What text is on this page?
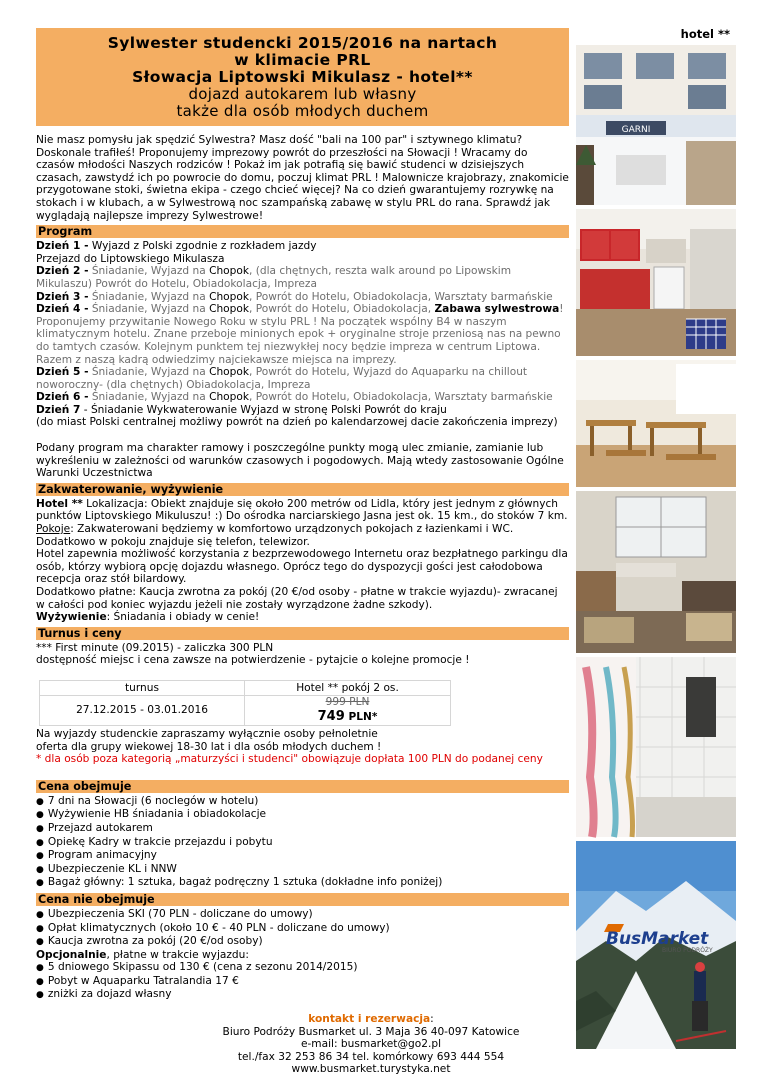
Sylwester studencki 2015/2016 na nartach
w klimacie PRL
Słowacja Liptowski Mikulasz - hotel**
dojazd autokarem lub własny
także dla osób młodych duchem
Nie masz pomysłu jak spędzić Sylwestra? Masz dość "bali na 100 par" i sztywnego klimatu? Doskonale trafiłeś! Proponujemy imprezowy powrót do przeszłości na Słowacji ! Wracamy do czasów młodości Naszych rodziców ! Pokaż im jak potrafią się bawić studenci w dzisiejszych czasach, zawstydź ich po powrocie do domu, poczuj klimat PRL ! Malownicze krajobrazy, znakomicie przygotowane stoki, świetna ekipa - czego chcieć więcej? Na co dzień gwarantujemy rozrywkę na stokach i w klubach, a w Sylwestrową noc szampańską zabawę w stylu PRL do rana. Sprawdź jak wyglądają najlepsze imprezy Sylwestrowe!
Program
Dzień 1 - Wyjazd z Polski zgodnie z rozkładem jazdy
Przejazd do Liptowskiego Mikulasza
Dzień 2 - Śniadanie, Wyjazd na Chopok, (dla chętnych, reszta walk around po Lipowskim Mikulaszu) Powrót do Hotelu, Obiadokolacja, Impreza
Dzień 3 - Śniadanie, Wyjazd na Chopok, Powrót do Hotelu, Obiadokolacja, Warsztaty barmańskie
Dzień 4 - Śniadanie, Wyjazd na Chopok, Powrót do Hotelu, Obiadokolacja, Zabawa sylwestrowa! Proponujemy przywitanie Nowego Roku w stylu PRL ! Na początek wspólny B4 w naszym klimatycznym hotelu. Znane przeboje minionych epok + oryginalne stroje przeniosą nas na pewno do tamtych czasów. Kolejnym punktem tej niezwykłej nocy będzie impreza w centrum Liptowa. Razem z naszą kadrą odwiedzimy najciekawsze miejsca na imprezy.
Dzień 5 - Śniadanie, Wyjazd na Chopok, Powrót do Hotelu, Wyjazd do Aquaparku na chillout noworoczny- (dla chętnych) Obiadokolacja, Impreza
Dzień 6 - Śniadanie, Wyjazd na Chopok, Powrót do Hotelu, Obiadokolacja, Warsztaty barmańskie
Dzień 7 - Śniadanie Wykwaterowanie Wyjazd w stronę Polski Powrót do kraju
(do miast Polski centralnej możliwy powrót na dzień po kalendarzowej dacie zakończenia imprezy)
Podany program ma charakter ramowy i poszczególne punkty mogą ulec zmianie, zamianie lub wykreśleniu w zależności od warunków czasowych i pogodowych. Mają wtedy zastosowanie Ogólne Warunki Uczestnictwa
Zakwaterowanie, wyżywienie
Hotel ** Lokalizacja: Obiekt znajduje się około 200 metrów od Lidla, który jest jednym z głównych punktów Liptovskiego Mikuluszu! :) Do ośrodka narciarskiego Jasna jest ok. 15 km., do stoków 7 km.
Pokoje: Zakwaterowani będziemy w komfortowo urządzonych pokojach z łazienkami i WC.
Dodatkowo w pokoju znajduje się telefon, telewizor.
Hotel zapewnia możliwość korzystania z bezprzewodowego Internetu oraz bezpłatnego parkingu dla osób, którzy wybiorą opcję dojazdu własnego. Oprócz tego do dyspozycji gości jest całodobowa recepcja oraz stół bilardowy.
Dodatkowo płatne: Kaucja zwrotna za pokój (20 €/od osoby - płatne w trakcie wyjazdu)- zwracanej w całości pod koniec wyjazdu jeżeli nie zostały wyrządzone żadne szkody).
Wyżywienie: Śniadania i obiady w cenie!
Turnus i ceny
*** First minute (09.2015) - zaliczka 300 PLN
dostępność miejsc i cena zawsze na potwierdzenie - pytajcie o kolejne promocje !
turnus	Hotel ** pokój 2 os.
27.12.2015 - 03.01.2016	999 PLN
749 PLN*
Na wyjazdy studenckie zapraszamy wyłącznie osoby pełnoletnie
oferta dla grupy wiekowej 18-30 lat i dla osób młodych duchem !
* dla osób poza kategorią „maturzyści i studenci" obowiązuje dopłata 100 PLN do podanej ceny
Cena obejmuje
● 7 dni na Słowacji (6 noclegów w hotelu)
● Wyżywienie HB śniadania i obiadokolacje
● Przejazd autokarem
● Opiekę Kadry w trakcie przejazdu i pobytu
● Program animacyjny
● Ubezpieczenie KL i NNW
● Bagaż główny: 1 sztuka, bagaż podręczny 1 sztuka (dokładne info poniżej)
Cena nie obejmuje
● Ubezpieczenia SKI (70 PLN - doliczane do umowy)
● Opłat klimatycznych (około 10 € - 40 PLN - doliczane do umowy)
● Kaucja zwrotna za pokój (20 €/od osoby)
Opcjonalnie, płatne w trakcie wyjazdu:
● 5 dniowego Skipassu od 130 € (cena z sezonu 2014/2015)
● Pobyt w Aquaparku Tatralandia 17 €
● zniżki za dojazd własny
kontakt i rezerwacja:
Biuro Podróży Busmarket ul. 3 Maja 36 40-097 Katowice
e-mail: busmarket@go2.pl
tel./fax 32 253 86 34 tel. komórkowy 693 444 554
www.busmarket.turystyka.net
hotel **
GARNI
BusMarket
BIURO PODRÓŻY
